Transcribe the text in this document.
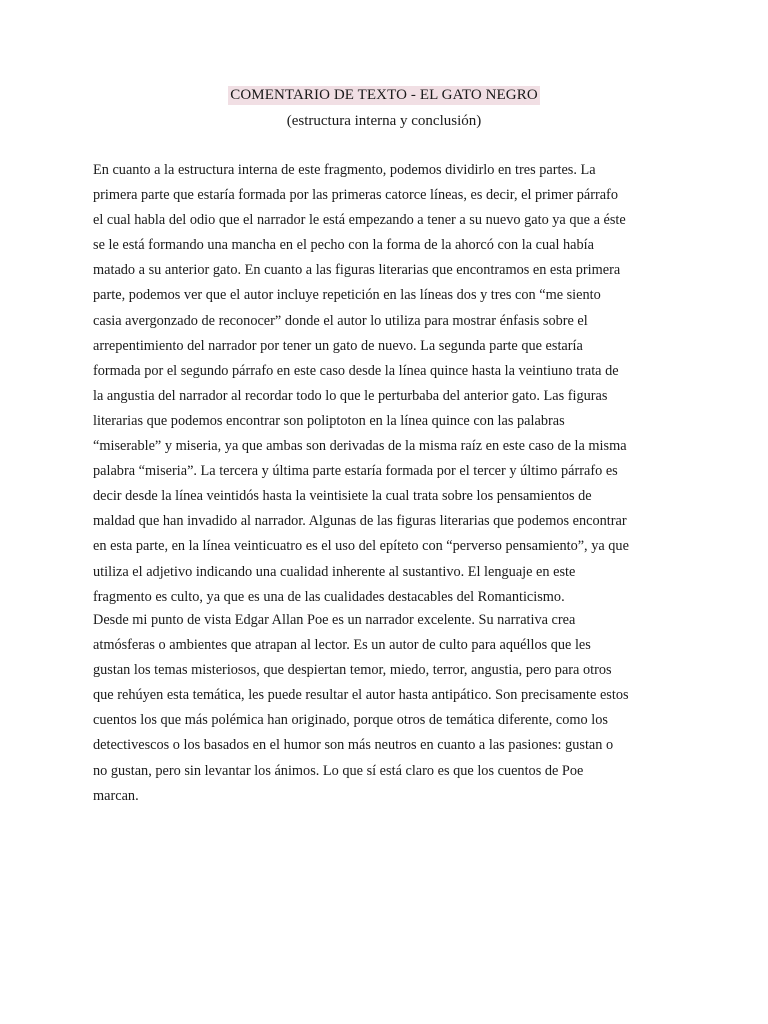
COMENTARIO DE TEXTO - EL GATO NEGRO
(estructura interna y conclusión)
En cuanto a la estructura interna de este fragmento, podemos dividirlo en tres partes. La
primera parte que estaría formada por las primeras catorce líneas, es decir, el primer párrafo
el cual habla del odio que el narrador le está empezando a tener a su nuevo gato ya que a éste
se le está formando una mancha en el pecho con la forma de la ahorcó con la cual había
matado a su anterior gato. En cuanto a las figuras literarias que encontramos en esta primera
parte, podemos ver que el autor incluye repetición en las líneas dos y tres con “me siento
casia avergonzado de reconocer” donde el autor lo utiliza para mostrar énfasis sobre el
arrepentimiento del narrador por tener un gato de nuevo. La segunda parte que estaría
formada por el segundo párrafo en este caso desde la línea quince hasta la veintiuno trata de
la angustia del narrador al recordar todo lo que le perturbaba del anterior gato. Las figuras
literarias que podemos encontrar son poliptoton en la línea quince con las palabras
“miserable” y miseria, ya que ambas son derivadas de la misma raíz en este caso de la misma
palabra “miseria”. La tercera y última parte estaría formada por el tercer y último párrafo es
decir desde la línea veintidós hasta la veintisiete la cual trata sobre los pensamientos de
maldad que han invadido al narrador. Algunas de las figuras literarias que podemos encontrar
en esta parte, en la línea veinticuatro es el uso del epíteto con “perverso pensamiento”, ya que
utiliza el adjetivo indicando una cualidad inherente al sustantivo. El lenguaje en este
fragmento es culto, ya que es una de las cualidades destacables del Romanticismo.
Desde mi punto de vista Edgar Allan Poe es un narrador excelente. Su narrativa crea
atmósferas o ambientes que atrapan al lector. Es un autor de culto para aquéllos que les
gustan los temas misteriosos, que despiertan temor, miedo, terror, angustia, pero para otros
que rehúyen esta temática, les puede resultar el autor hasta antipático. Son precisamente estos
cuentos los que más polémica han originado, porque otros de temática diferente, como los
detectivescos o los basados en el humor son más neutros en cuanto a las pasiones: gustan o
no gustan, pero sin levantar los ánimos. Lo que sí está claro es que los cuentos de Poe
marcan.
